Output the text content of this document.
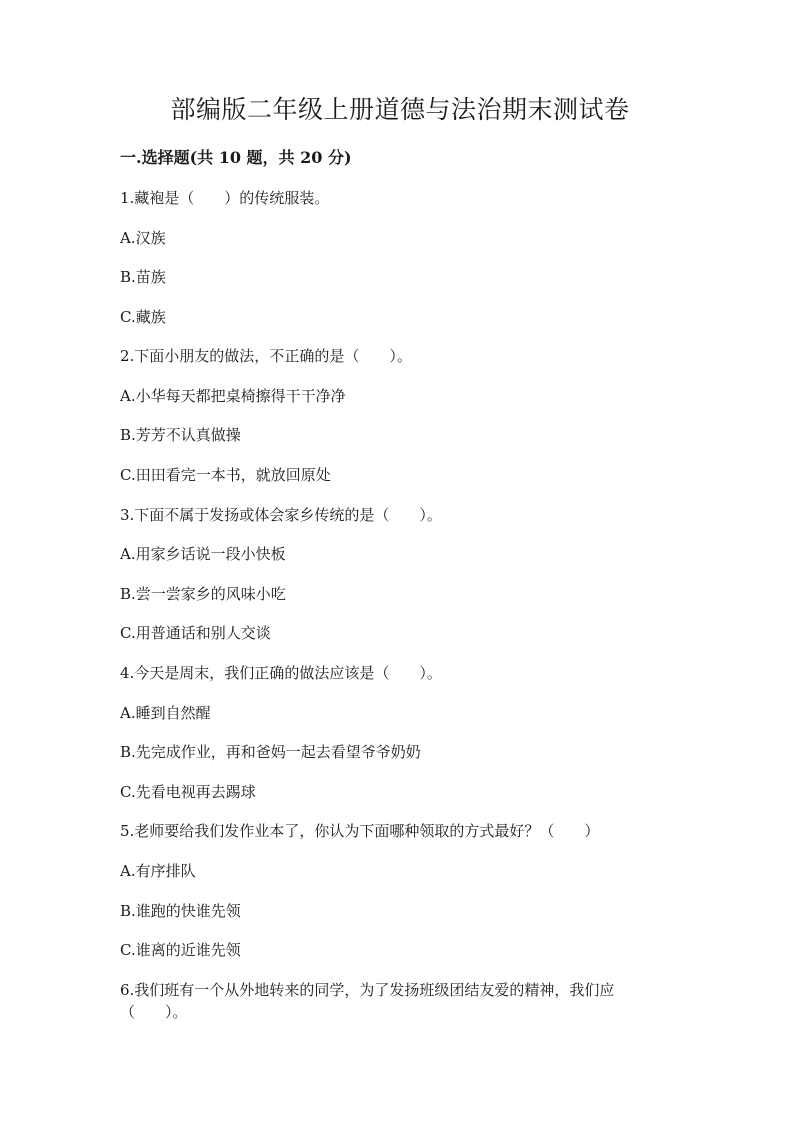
部编版二年级上册道德与法治期末测试卷
一.选择题(共 10 题，共 20 分)
1.藏袍是（　　）的传统服装。
A.汉族
B.苗族
C.藏族
2.下面小朋友的做法，不正确的是（　　）。
A.小华每天都把桌椅擦得干干净净
B.芳芳不认真做操
C.田田看完一本书，就放回原处
3.下面不属于发扬或体会家乡传统的是（　　）。
A.用家乡话说一段小快板
B.尝一尝家乡的风味小吃
C.用普通话和别人交谈
4.今天是周末，我们正确的做法应该是（　　）。
A.睡到自然醒
B.先完成作业，再和爸妈一起去看望爷爷奶奶
C.先看电视再去踢球
5.老师要给我们发作业本了，你认为下面哪种领取的方式最好？（　　）
A.有序排队
B.谁跑的快谁先领
C.谁离的近谁先领
6.我们班有一个从外地转来的同学，为了发扬班级团结友爱的精神，我们应
（　　）。
